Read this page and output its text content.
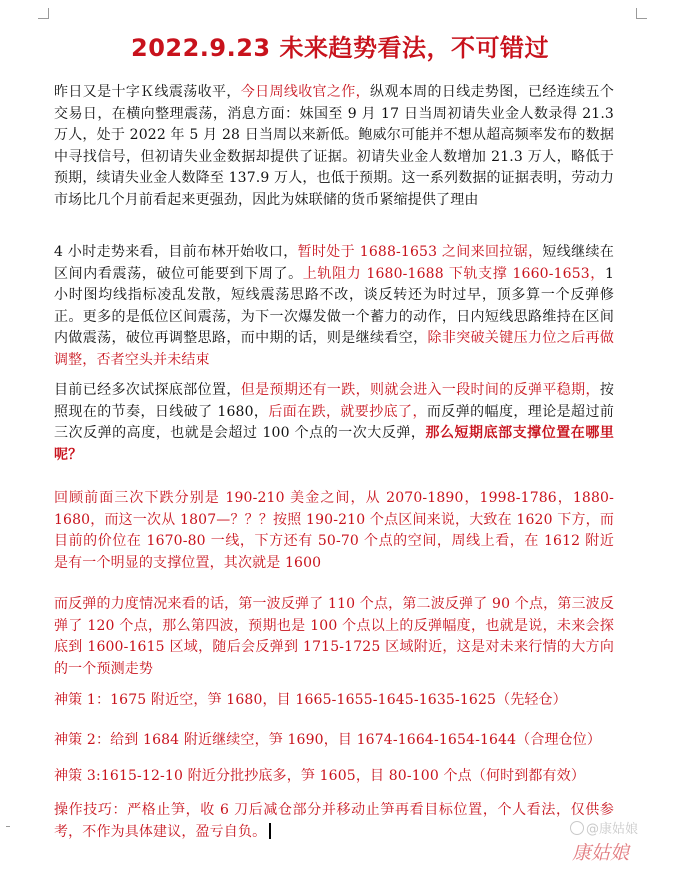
2022.9.23 未来趋势看法，不可错过
昨日又是十字Ｋ线震荡收平，今日周线收官之作，纵观本周的日线走势图，已经连续五个交易日，在横向整理震荡，消息方面：妹国至 9 月 17 日当周初请失业金人数录得 21.3 万人，处于 2022 年 5 月 28 日当周以来新低。鲍威尔可能并不想从超高频率发布的数据中寻找信号，但初请失业金数据却提供了证据。初请失业金人数增加 21.3 万人，略低于预期，续请失业金人数降至 137.9 万人，也低于预期。这一系列数据的证据表明，劳动力市场比几个月前看起来更强劲，因此为妹联储的货币紧缩提供了理由
4 小时走势来看，目前布林开始收口，暂时处于 1688-1653 之间来回拉锯，短线继续在区间内看震荡，破位可能要到下周了。上轨阻力 1680-1688 下轨支撑 1660-1653，1 小时图均线指标凌乱发散，短线震荡思路不改，谈反转还为时过早，顶多算一个反弹修正。更多的是低位区间震荡，为下一次爆发做一个蓄力的动作，日内短线思路维持在区间内做震荡，破位再调整思路，而中期的话，则是继续看空，除非突破关键压力位之后再做调整，否者空头并未结束
目前已经多次试探底部位置，但是预期还有一跌，则就会进入一段时间的反弹平稳期，按照现在的节奏，日线破了 1680，后面在跌，就要抄底了，而反弹的幅度，理论是超过前三次反弹的高度，也就是会超过 100 个点的一次大反弹，那么短期底部支撑位置在哪里呢？
回顾前面三次下跌分别是 190-210 美金之间，从 2070-1890，1998-1786，1880-1680，而这一次从 1807—？？？按照 190-210 个点区间来说，大致在 1620 下方，而目前的价位在 1670-80 一线，下方还有 50-70 个点的空间，周线上看，在 1612 附近是有一个明显的支撑位置，其次就是 1600
而反弹的力度情况来看的话，第一波反弹了 110 个点，第二波反弹了 90 个点，第三波反弹了 120 个点，那么第四波，预期也是 100 个点以上的反弹幅度，也就是说，未来会探底到 1600-1615 区域，随后会反弹到 1715-1725 区域附近，这是对未来行情的大方向的一个预测走势
神策 1：1675 附近空，笋 1680，目 1665-1655-1645-1635-1625（先轻仓）
神策 2：给到 1684 附近继续空，笋 1690，目 1674-1664-1654-1644（合理仓位）
神策 3:1615-12-10 附近分批抄底多，笋 1605，目 80-100 个点（何时到都有效）
操作技巧：严格止笋，收 6 刀后减仓部分并移动止笋再看目标位置，个人看法，仅供参考，不作为具体建议，盈亏自负。	@康姑娘
康姑娘
